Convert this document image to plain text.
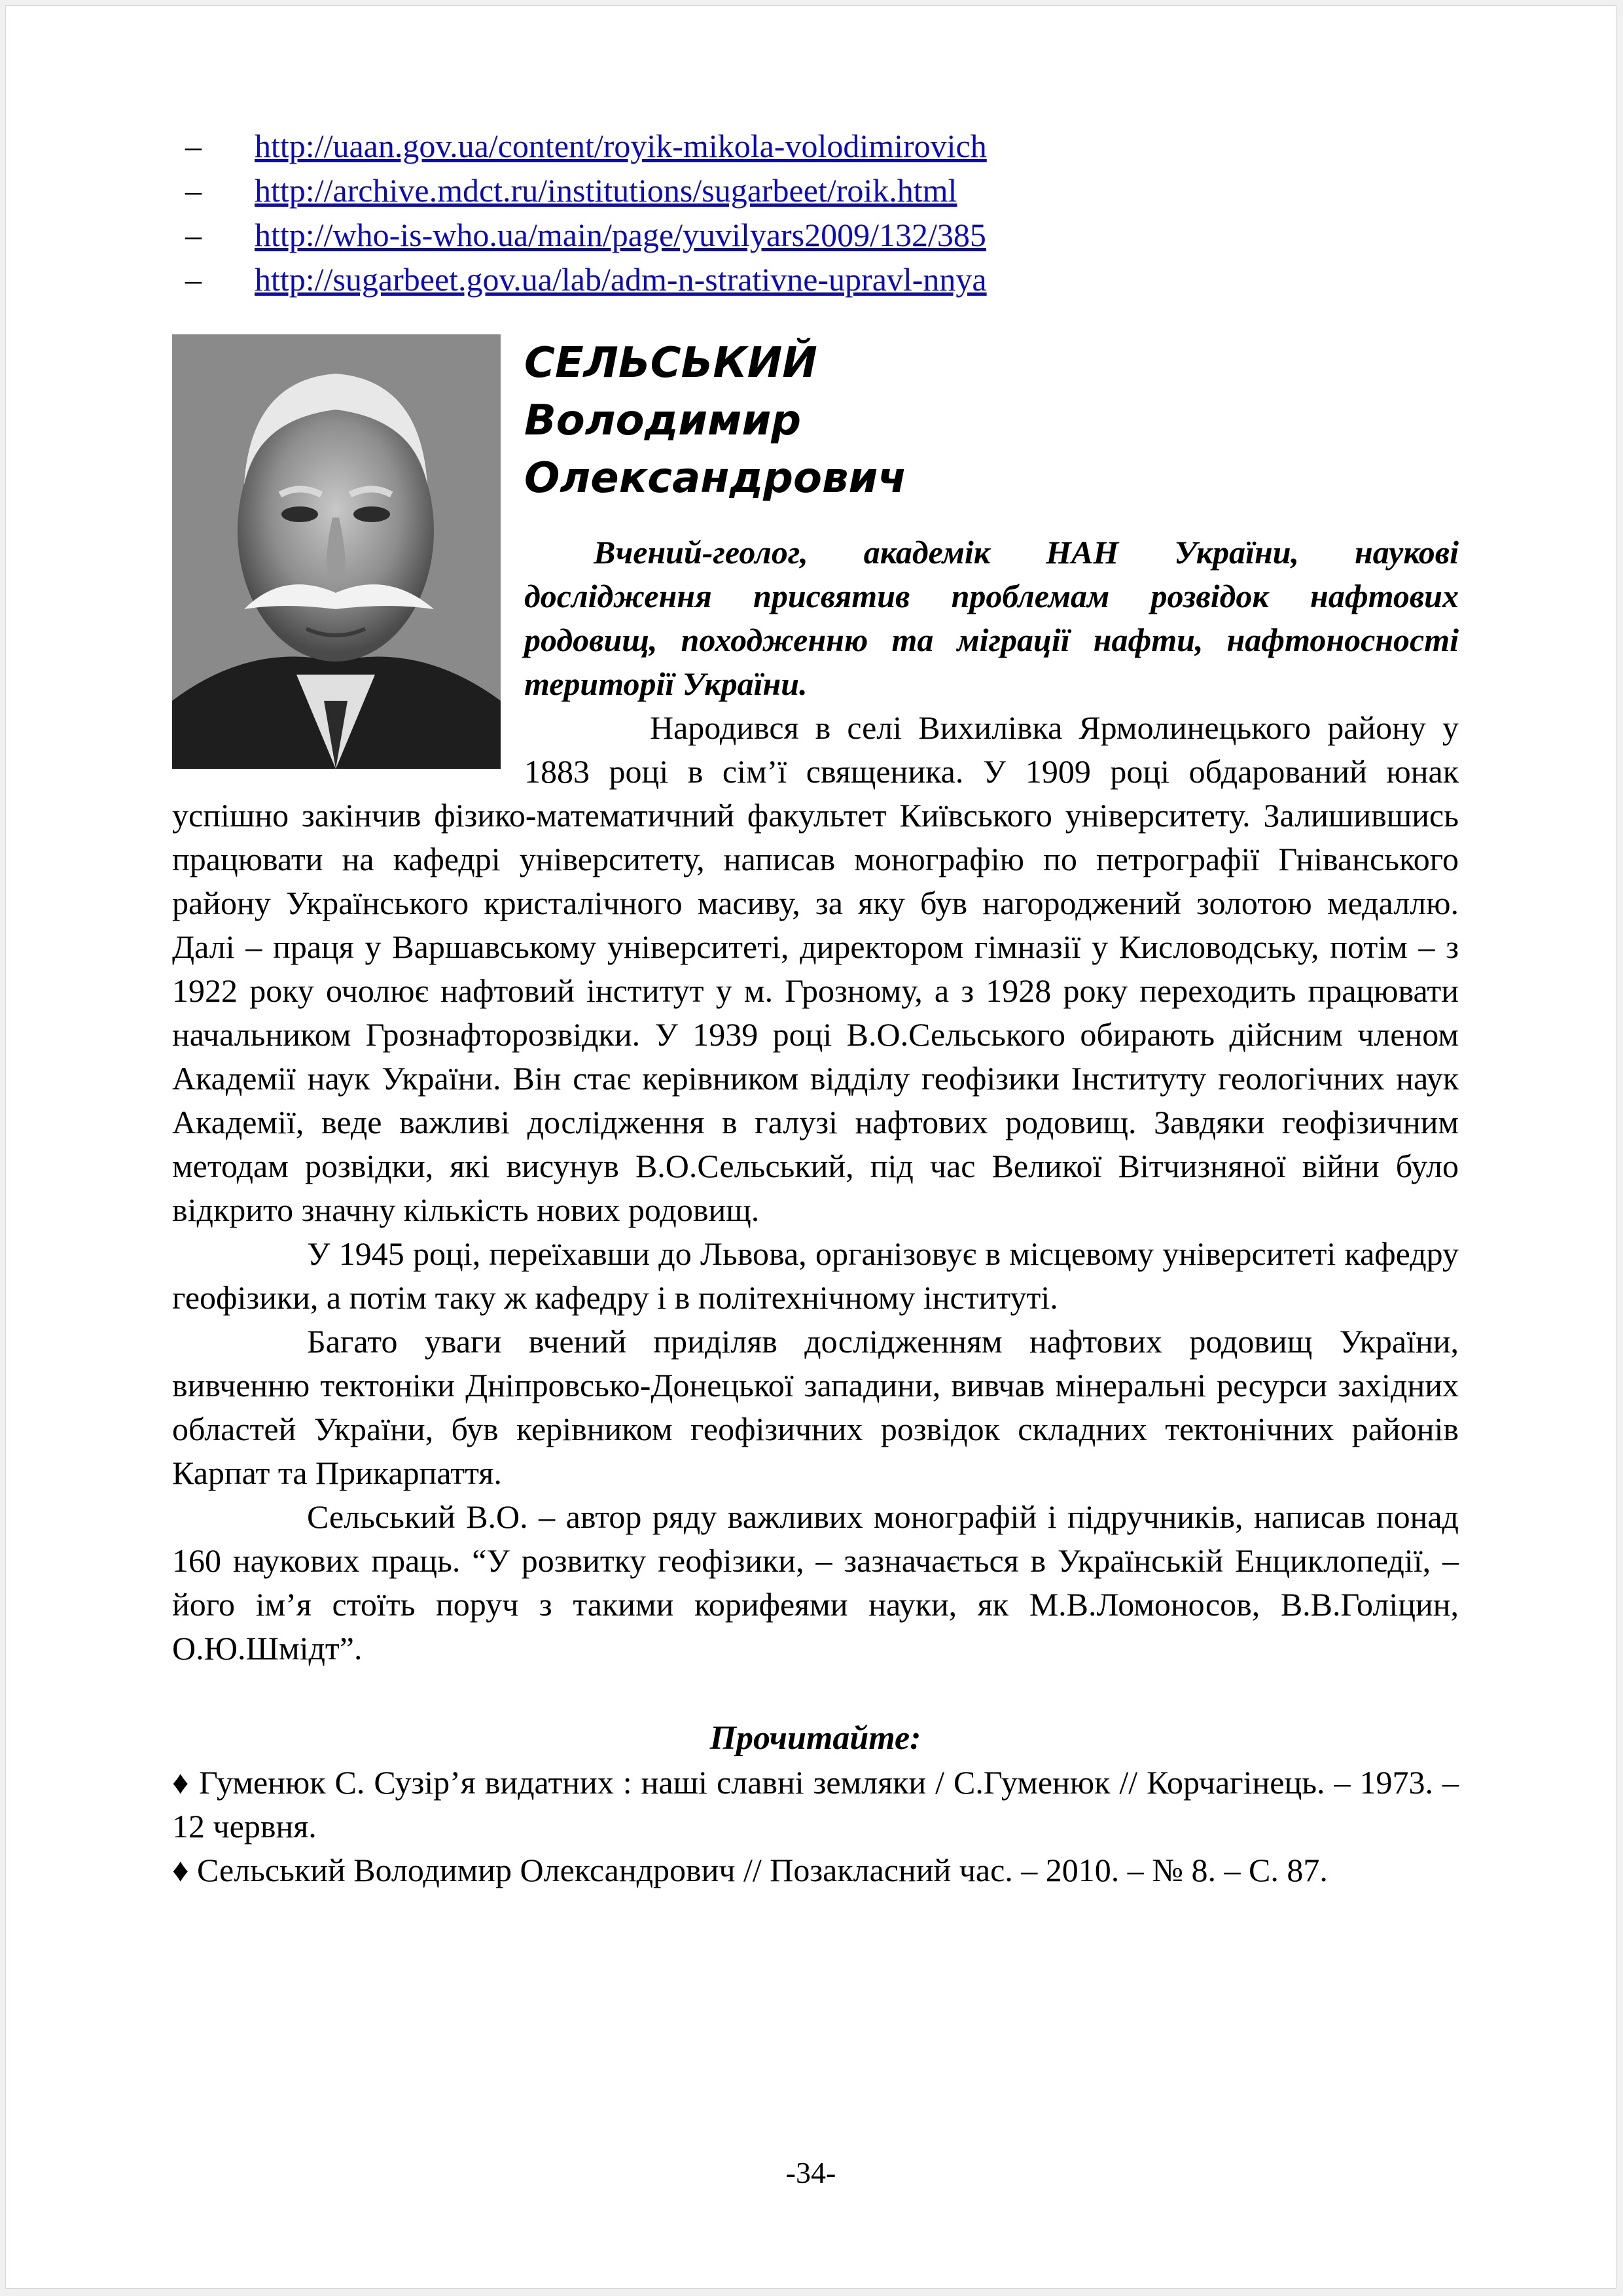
– http://uaan.gov.ua/content/royik-mikola-volodimirovich
– http://archive.mdct.ru/institutions/sugarbeet/roik.html
– http://who-is-who.ua/main/page/yuvilyars2009/132/385
– http://sugarbeet.gov.ua/lab/adm-n-strativne-upravl-nnya
СЕЛЬСЬКИЙ
Володимир
Олександрович
Вчений-геолог, академік НАН України, наукові дослідження присвятив проблемам розвідок нафтових родовищ, походженню та міграції нафти, нафтоносності території України.

Народився в селі Вихилівка Ярмолинецького району у 1883 році в сім’ї священика. У 1909 році обдарований юнак успішно закінчив фізико-математичний факультет Київського університету. Залишившись працювати на кафедрі університету, написав монографію по петрографії Гніванського району Українського кристалічного масиву, за яку був нагороджений золотою медаллю. Далі – праця у Варшавському університеті, директором гімназії у Кисловодську, потім – з 1922 року очолює нафтовий інститут у м. Грозному, а з 1928 року переходить працювати начальником Грознафторозвідки. У 1939 році В.О.Сельського обирають дійсним членом Академії наук України. Він стає керівником відділу геофізики Інституту геологічних наук Академії, веде важливі дослідження в галузі нафтових родовищ. Завдяки геофізичним методам розвідки, які висунув В.О.Сельський, під час Великої Вітчизняної війни було відкрито значну кількість нових родовищ.

У 1945 році, переїхавши до Львова, організовує в місцевому університеті кафедру геофізики, а потім таку ж кафедру і в політехнічному інституті.

Багато уваги вчений приділяв дослідженням нафтових родовищ України, вивченню тектоніки Дніпровсько-Донецької западини, вивчав мінеральні ресурси західних областей України, був керівником геофізичних розвідок складних тектонічних районів Карпат та Прикарпаття.

Сельський В.О. – автор ряду важливих монографій і підручників, написав понад 160 наукових праць. “У розвитку геофізики, – зазначається в Українській Енциклопедії, – його ім’я стоїть поруч з такими корифеями науки, як М.В.Ломоносов, В.В.Голіцин, О.Ю.Шмідт”.

Прочитайте:
♦ Гуменюк С. Сузір’я видатних : наші славні земляки / С.Гуменюк // Корчагінець. – 1973. – 12 червня.
♦ Сельський Володимир Олександрович // Позакласний час. – 2010. – № 8. – С. 87.
-34-
